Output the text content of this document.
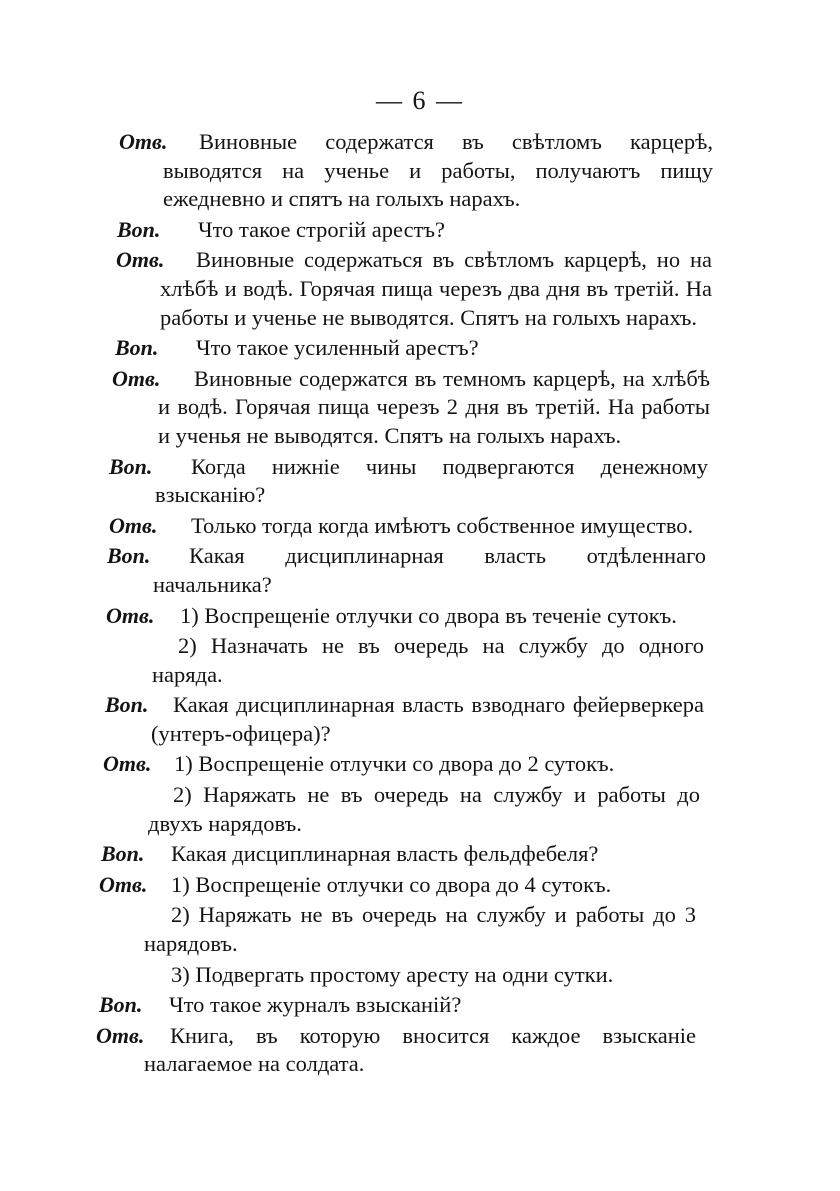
— 6 —
Отв.	Виновные содержатся въ свѣтломъ карцерѣ, выводятся на ученье и работы, получаютъ пищу ежедневно и спятъ на голыхъ нарахъ.
Воп.	Что такое строгій арестъ?
Отв.	Виновные содержаться въ свѣтломъ карцерѣ, но на хлѣбѣ и водѣ. Горячая пища черезъ два дня въ третій. На работы и ученье не выводятся. Спятъ на голыхъ нарахъ.
Воп.	Что такое усиленный арестъ?
Отв.	Виновные содержатся въ темномъ карцерѣ, на хлѣбѣ и водѣ. Горячая пища черезъ 2 дня въ третій. На работы и ученья не выводятся. Спятъ на голыхъ нарахъ.
Воп.	Когда нижніе чины подвергаются денежному взысканію?
Отв.	Только тогда когда имѣютъ собственное имущество.
Воп.	Какая дисциплинарная власть отдѣленнаго начальника?
Отв.	1) Воспрещеніе отлучки со двора въ теченіе сутокъ.
2) Назначать не въ очередь на службу до одного наряда.
Воп.	Какая дисциплинарная власть взводнаго фейерверкера (унтеръ-офицера)?
Отв.	1) Воспрещеніе отлучки со двора до 2 сутокъ.
2) Наряжать не въ очередь на службу и работы до двухъ нарядовъ.
Воп.	Какая дисциплинарная власть фельдфебеля?
Отв.	1) Воспрещеніе отлучки со двора до 4 сутокъ.
2) Наряжать не въ очередь на службу и работы до 3 нарядовъ.
3) Подвергать простому аресту на одни сутки.
Воп.	Что такое журналъ взысканій?
Отв.	Книга, въ которую вносится каждое взысканіе налагаемое на солдата.
